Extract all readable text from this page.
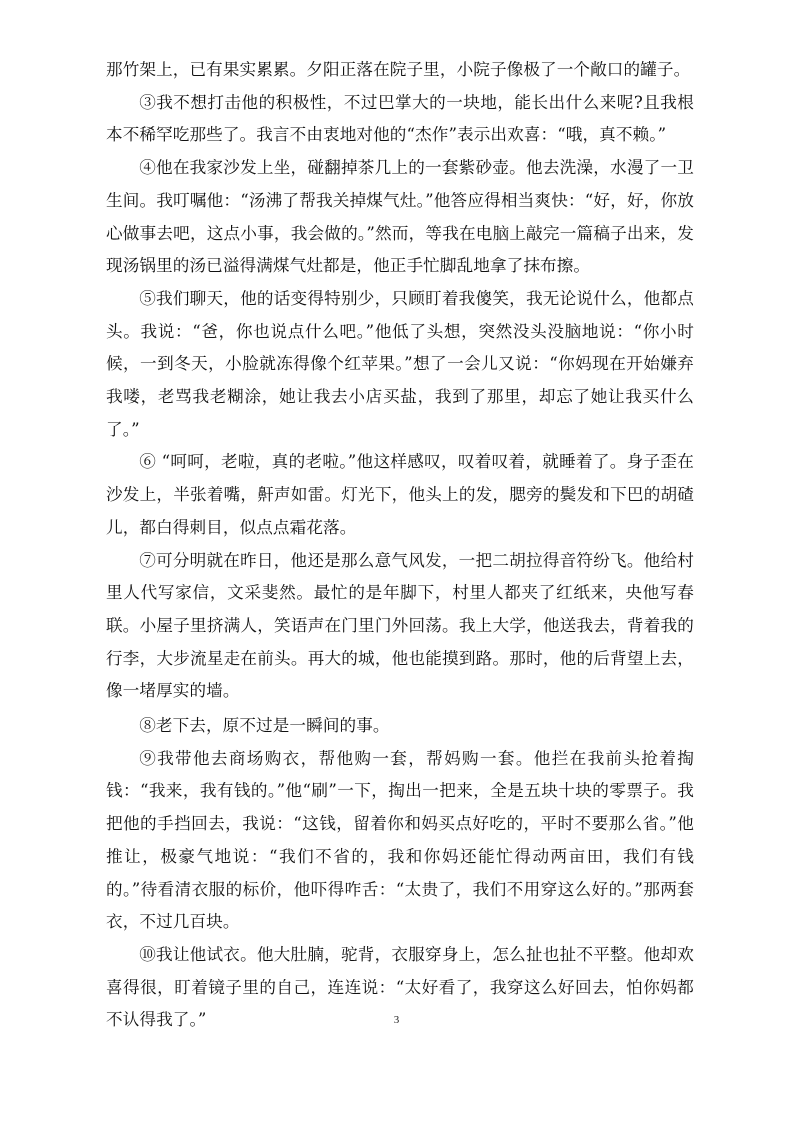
那竹架上，已有果实累累。夕阳正落在院子里，小院子像极了一个敞口的罐子。

③我不想打击他的积极性，不过巴掌大的一块地，能长出什么来呢?且我根本不稀罕吃那些了。我言不由衷地对他的“杰作”表示出欢喜：“哦，真不赖。”

④他在我家沙发上坐，碰翻掉茶几上的一套紫砂壶。他去洗澡，水漫了一卫生间。我叮嘱他：“汤沸了帮我关掉煤气灶。”他答应得相当爽快：“好，好，你放心做事去吧，这点小事，我会做的。”然而，等我在电脑上敲完一篇稿子出来，发现汤锅里的汤已溢得满煤气灶都是，他正手忙脚乱地拿了抹布擦。

⑤我们聊天，他的话变得特别少，只顾盯着我傻笑，我无论说什么，他都点头。我说：“爸，你也说点什么吧。”他低了头想，突然没头没脑地说：“你小时候，一到冬天，小脸就冻得像个红苹果。”想了一会儿又说：“你妈现在开始嫌弃我喽，老骂我老糊涂，她让我去小店买盐，我到了那里，却忘了她让我买什么了。”

⑥ “呵呵，老啦，真的老啦。”他这样感叹，叹着叹着，就睡着了。身子歪在沙发上，半张着嘴，鼾声如雷。灯光下，他头上的发，腮旁的鬓发和下巴的胡碴儿，都白得刺目，似点点霜花落。

⑦可分明就在昨日，他还是那么意气风发，一把二胡拉得音符纷飞。他给村里人代写家信，文采斐然。最忙的是年脚下，村里人都夹了红纸来，央他写春联。小屋子里挤满人，笑语声在门里门外回荡。我上大学，他送我去，背着我的行李，大步流星走在前头。再大的城，他也能摸到路。那时，他的后背望上去，像一堵厚实的墙。

⑧老下去，原不过是一瞬间的事。

⑨我带他去商场购衣，帮他购一套，帮妈购一套。他拦在我前头抢着掏钱：“我来，我有钱的。”他“刷”一下，掏出一把来，全是五块十块的零票子。我把他的手挡回去，我说：“这钱，留着你和妈买点好吃的，平时不要那么省。”他推让，极豪气地说：“我们不省的，我和你妈还能忙得动两亩田，我们有钱的。”待看清衣服的标价，他吓得咋舌：“太贵了，我们不用穿这么好的。”那两套衣，不过几百块。

⑩我让他试衣。他大肚腩，驼背，衣服穿身上，怎么扯也扯不平整。他却欢喜得很，盯着镜子里的自己，连连说：“太好看了，我穿这么好回去，怕你妈都不认得我了。”	3
